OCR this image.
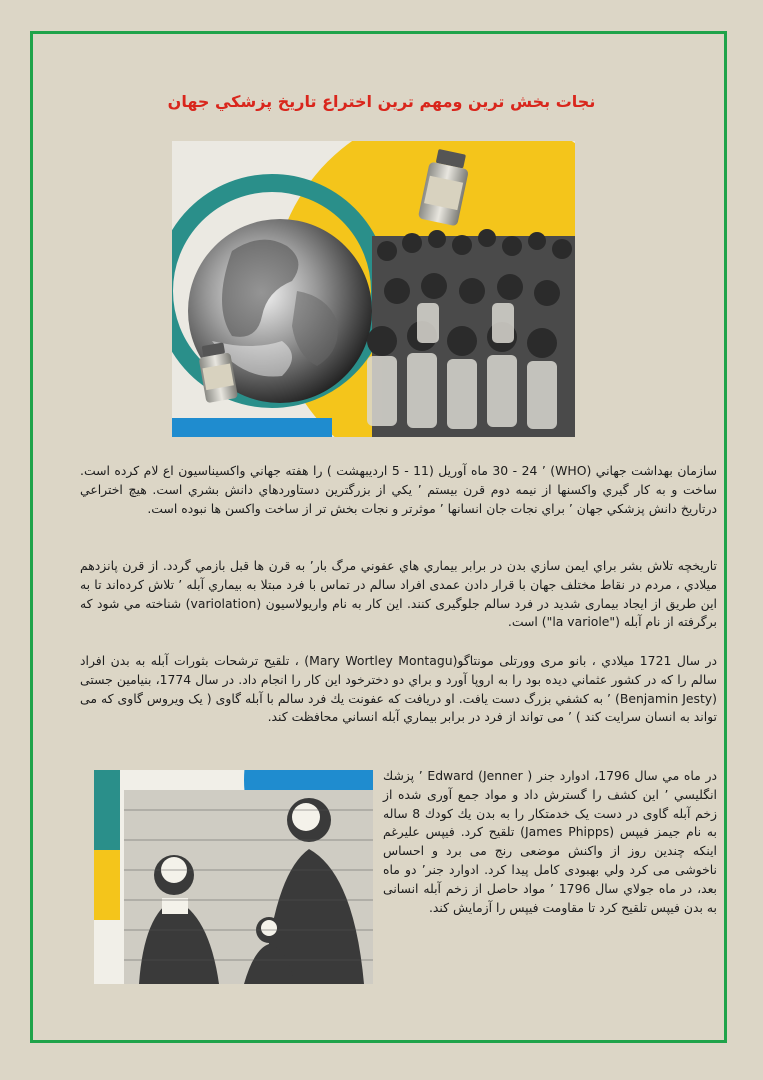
نجات بخش ترين ومهم ترين اختراع تاريخ پزشكي جهان

سازمان بهداشت جهاني (WHO) ’ 30 - 24 ماه آوريل (11 - 5 ارديبهشت ) را هفته جهاني واكسيناسيون اع لام کرده است. ساخت و به كار گيري واكسنها از نيمه دوم قرن بيستم ’ يكي از بزرگترين دستاوردهاي دانش بشري است. هيچ اختراعي درتاريخ دانش پزشكي جهان ’ براي نجات جان انسانها ’ موثرتر و نجات بخش تر از ساخت واكسن ها نبوده است.

تاريخچه تلاش بشر براي ايمن سازي بدن در برابر بيماري هاي عفوني مرگ بار’ به قرن ها قبل بازمي گردد. از قرن پانزدهم ميلادي ، مردم در نقاط مختلف جهان با قرار دادن عمدی افراد سالم در تماس با فرد مبتلا به بيماري آبله ’ تلاش كرده‌اند تا به اين طريق از ايجاد بيماری شديد در فرد سالم جلوگيری كنند. اين كار به نام واريولاسيون (variolation) شناخته مي شود كه برگرفته از نام آبله ("la variole") است.

در سال 1721 ميلادي ، بانو مری وورتلی مونتاگو(Mary Wortley Montagu) ، تلقيح ترشحات بثورات آبله به بدن افراد سالم را كه در كشور عثماني ديده بود را به اروپا آورد و براي دو دخترخود اين كار را انجام داد. در سال 1774، بنيامين جستی (Benjamin Jesty) ’ به كشفي بزرگ دست يافت. او دريافت كه عفونت يك فرد سالم با آبله گاوی ( يک ويروس گاوی که می تواند به انسان سرايت کند ) ’ می تواند از فرد در برابر بيماري آبله انساني محافظت كند.

در ماه مي سال 1796، ادوارد جنر Edward (Jenner ) ’ پزشك انگليسي ’ اين كشف را گسترش داد و مواد جمع آوری شده از زخم آبله گاوی در دست يک خدمتكار را به بدن يك كودك 8 ساله به نام جيمز فيپس (James Phipps) تلقيح كرد. فيپس عليرغم اينكه چندين روز از واكنش موضعی رنج می برد و احساس ناخوشی می كرد ولي بهبودی كامل پيدا كرد. ادوارد جنر’ دو ماه بعد، در ماه جولاي سال 1796 ’ مواد حاصل از زخم آبله انسانی به بدن فيپس تلقيح كرد تا مقاومت فيپس را آزمايش كند.
